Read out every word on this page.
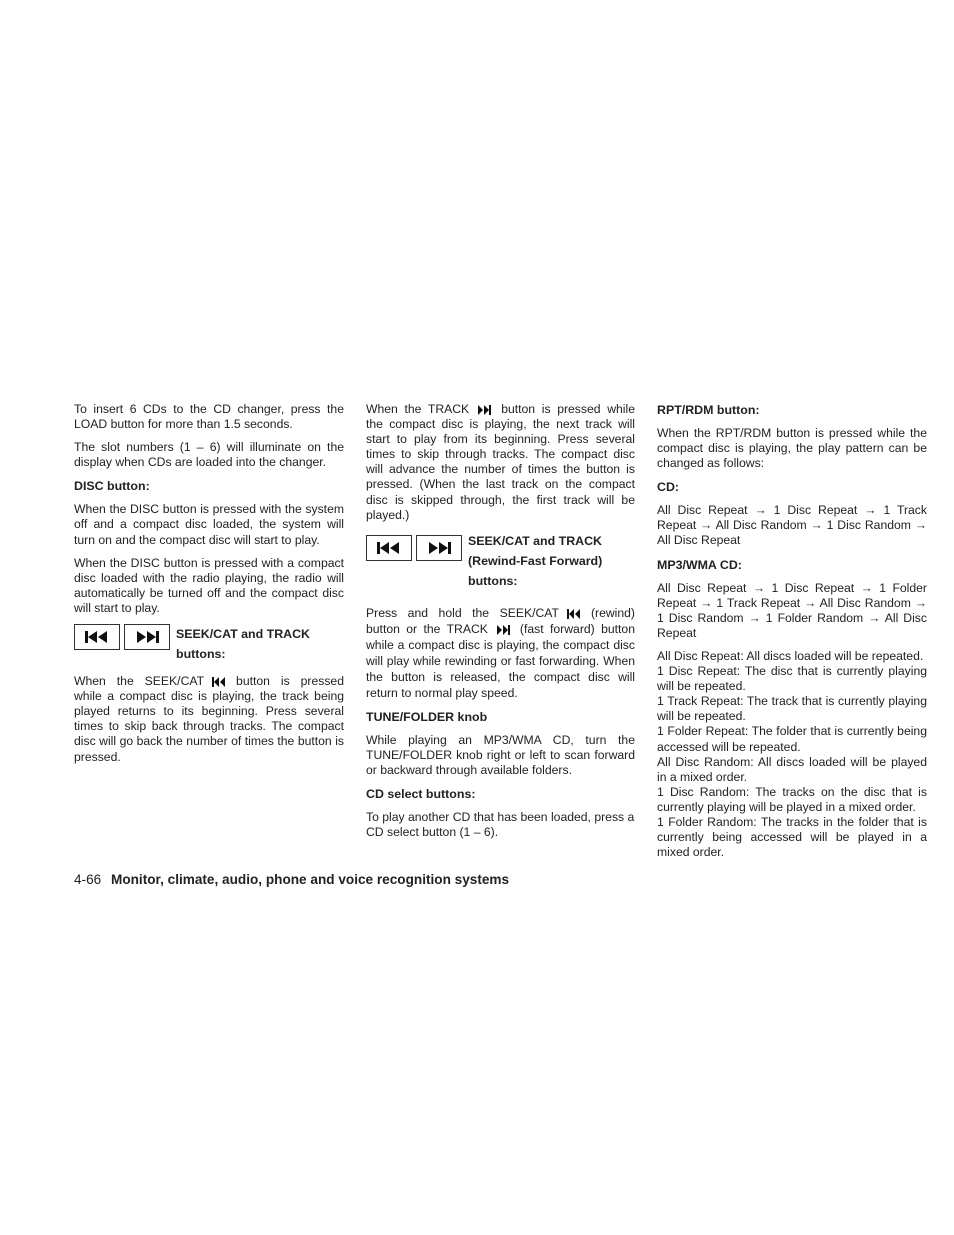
To insert 6 CDs to the CD changer, press the LOAD button for more than 1.5 seconds.

The slot numbers (1 – 6) will illuminate on the display when CDs are loaded into the changer.

DISC button:

When the DISC button is pressed with the system off and a compact disc loaded, the system will turn on and the compact disc will start to play.

When the DISC button is pressed with a compact disc loaded with the radio playing, the radio will automatically be turned off and the compact disc will start to play.

SEEK/CAT and TRACK
buttons:

When the SEEK/CAT	button is pressed while a compact disc is playing, the track being played returns to its beginning. Press several times to skip back through tracks. The compact disc will go back the number of times the button is pressed.

When the TRACK	button is pressed while the compact disc is playing, the next track will start to play from its beginning. Press several times to skip through tracks. The compact disc will advance the number of times the button is pressed. (When the last track on the compact disc is skipped through, the first track will be played.)

SEEK/CAT and TRACK
(Rewind-Fast Forward)
buttons:

Press and hold the SEEK/CAT	(rewind) button or the TRACK	(fast forward) button while a compact disc is playing, the compact disc will play while rewinding or fast forwarding. When the button is released, the compact disc will return to normal play speed.

TUNE/FOLDER knob

While playing an MP3/WMA CD, turn the TUNE/FOLDER knob right or left to scan forward or backward through available folders.

CD select buttons:

To play another CD that has been loaded, press a CD select button (1 – 6).

RPT/RDM button:

When the RPT/RDM button is pressed while the compact disc is playing, the play pattern can be changed as follows:

CD:

All Disc Repeat → 1 Disc Repeat → 1 Track Repeat → All Disc Random → 1 Disc Random → All Disc Repeat

MP3/WMA CD:

All Disc Repeat → 1 Disc Repeat → 1 Folder Repeat → 1 Track Repeat → All Disc Random → 1 Disc Random → 1 Folder Random → All Disc Repeat

All Disc Repeat: All discs loaded will be repeated.

1 Disc Repeat: The disc that is currently playing will be repeated.

1 Track Repeat: The track that is currently playing will be repeated.

1 Folder Repeat: The folder that is currently being accessed will be repeated.

All Disc Random: All discs loaded will be played in a mixed order.

1 Disc Random: The tracks on the disc that is currently playing will be played in a mixed order.

1 Folder Random: The tracks in the folder that is currently being accessed will be played in a mixed order.

4-66 Monitor, climate, audio, phone and voice recognition systems
